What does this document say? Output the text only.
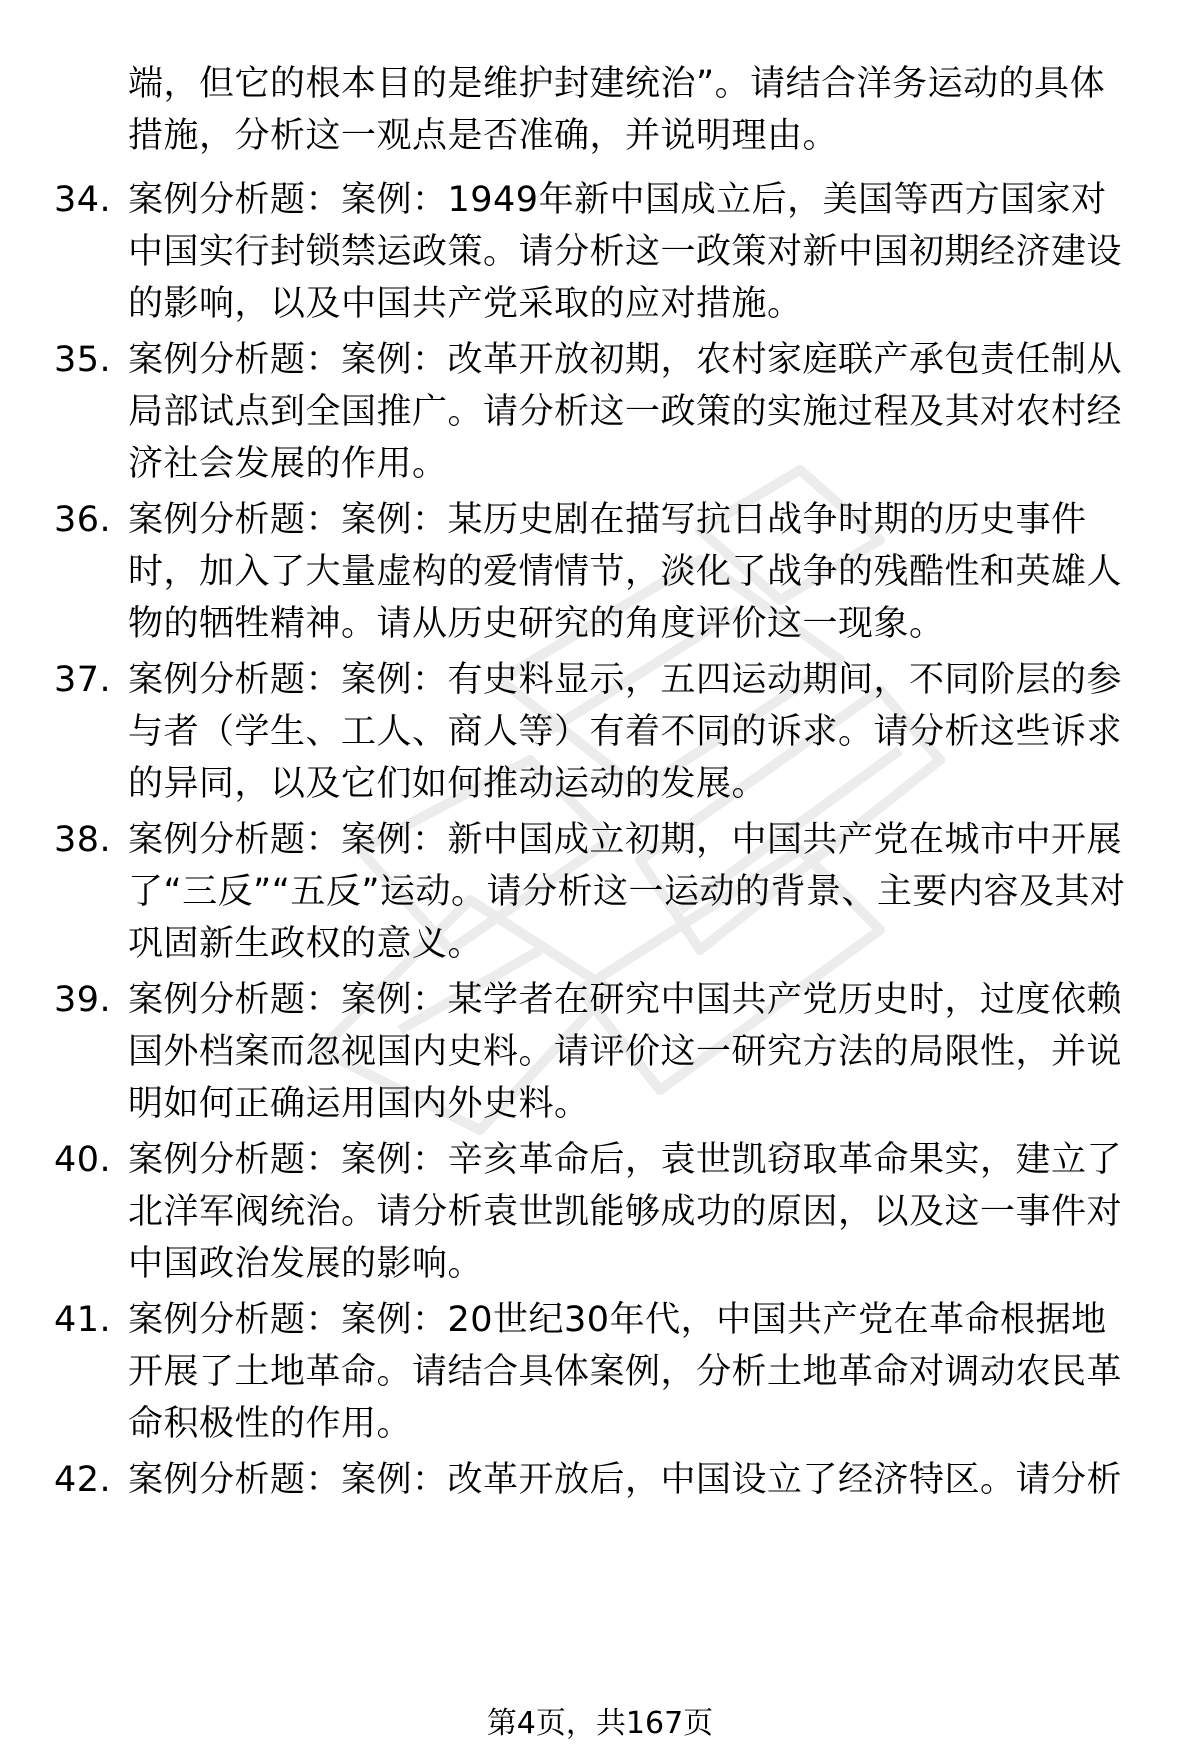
端，但它的根本目的是维护封建统治”。请结合洋务运动的具体措施，分析这一观点是否准确，并说明理由。

34. 案例分析题：案例：1949年新中国成立后，美国等西方国家对中国实行封锁禁运政策。请分析这一政策对新中国初期经济建设的影响，以及中国共产党采取的应对措施。

35. 案例分析题：案例：改革开放初期，农村家庭联产承包责任制从局部试点到全国推广。请分析这一政策的实施过程及其对农村经济社会发展的作用。

36. 案例分析题：案例：某历史剧在描写抗日战争时期的历史事件时，加入了大量虚构的爱情情节，淡化了战争的残酷性和英雄人物的牺牲精神。请从历史研究的角度评价这一现象。

37. 案例分析题：案例：有史料显示，五四运动期间，不同阶层的参与者（学生、工人、商人等）有着不同的诉求。请分析这些诉求的异同，以及它们如何推动运动的发展。

38. 案例分析题：案例：新中国成立初期，中国共产党在城市中开展了“三反”“五反”运动。请分析这一运动的背景、主要内容及其对巩固新生政权的意义。

39. 案例分析题：案例：某学者在研究中国共产党历史时，过度依赖国外档案而忽视国内史料。请评价这一研究方法的局限性，并说明如何正确运用国内外史料。

40. 案例分析题：案例：辛亥革命后，袁世凯窃取革命果实，建立了北洋军阀统治。请分析袁世凯能够成功的原因，以及这一事件对中国政治发展的影响。

41. 案例分析题：案例：20世纪30年代，中国共产党在革命根据地开展了土地革命。请结合具体案例，分析土地革命对调动农民革命积极性的作用。

42. 案例分析题：案例：改革开放后，中国设立了经济特区。请分析

第4页，共167页
